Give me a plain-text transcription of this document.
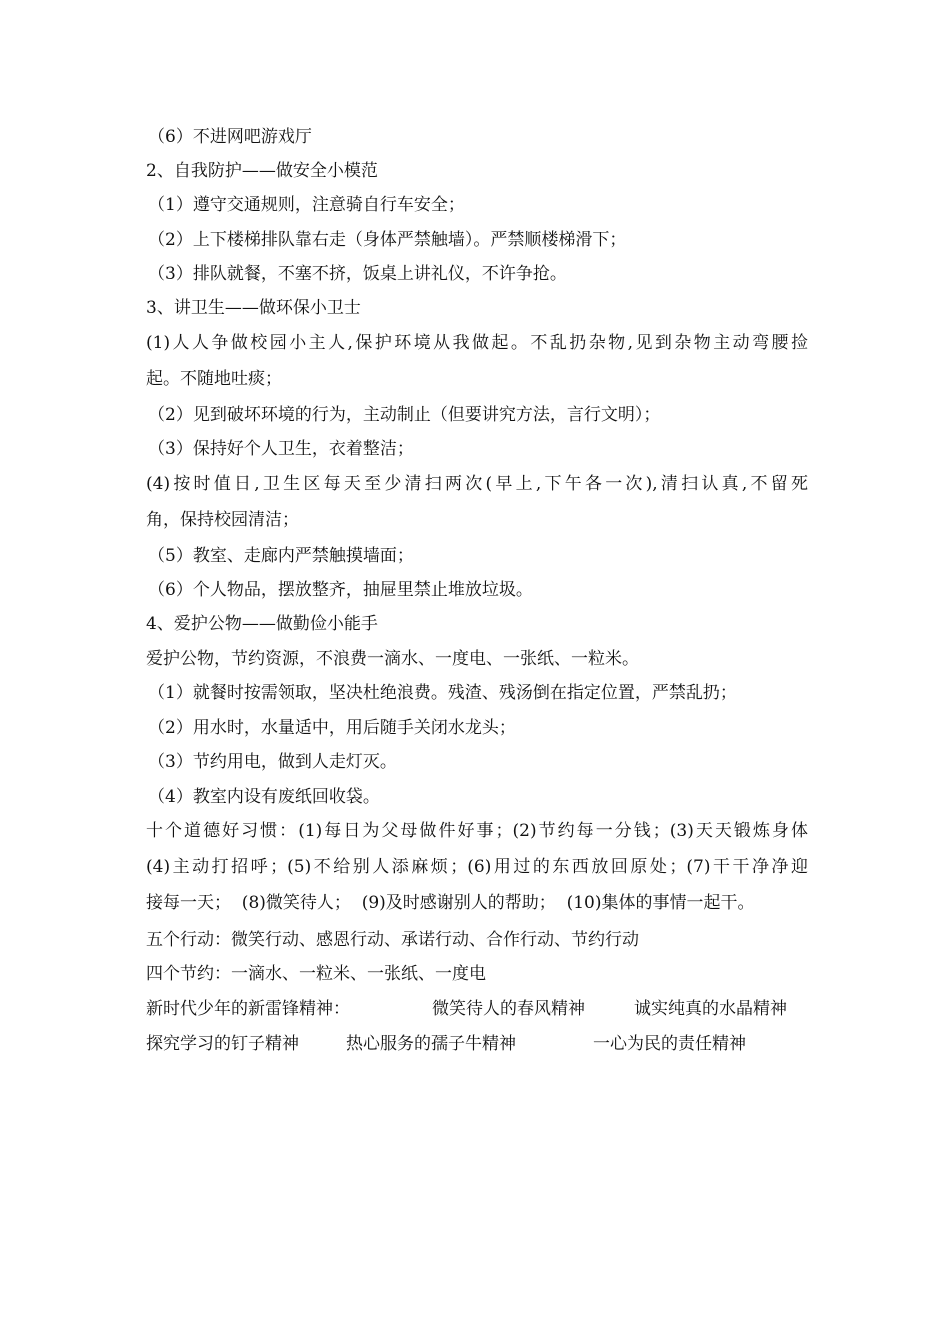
（6）不进网吧游戏厅
2、自我防护——做安全小模范
（1）遵守交通规则，注意骑自行车安全；
（2）上下楼梯排队靠右走（身体严禁触墙）。严禁顺楼梯滑下；
（3）排队就餐，不塞不挤，饭桌上讲礼仪，不许争抢。
3、讲卫生——做环保小卫士
(1)人人争做校园小主人,保护环境从我做起。不乱扔杂物,见到杂物主动弯腰捡
起。不随地吐痰；
（2）见到破坏环境的行为，主动制止（但要讲究方法，言行文明）；
（3）保持好个人卫生，衣着整洁；
(4)按时值日,卫生区每天至少清扫两次(早上,下午各一次),清扫认真,不留死
角，保持校园清洁；
（5）教室、走廊内严禁触摸墙面；
（6）个人物品，摆放整齐，抽屉里禁止堆放垃圾。
4、爱护公物——做勤俭小能手
爱护公物，节约资源，不浪费一滴水、一度电、一张纸、一粒米。
（1）就餐时按需领取，坚决杜绝浪费。残渣、残汤倒在指定位置，严禁乱扔；
（2）用水时，水量适中，用后随手关闭水龙头；
（3）节约用电，做到人走灯灭。
（4）教室内设有废纸回收袋。
十个道德好习惯：(1)每日为父母做件好事；(2)节约每一分钱；(3)天天锻炼身体
(4)主动打招呼；(5)不给别人添麻烦；(6)用过的东西放回原处；(7)干干净净迎
接每一天；  (8)微笑待人；  (9)及时感谢别人的帮助；  (10)集体的事情一起干。
五个行动：微笑行动、感恩行动、承诺行动、合作行动、节约行动
四个节约：一滴水、一粒米、一张纸、一度电
新时代少年的新雷锋精神：	微笑待人的春风精神	诚实纯真的水晶精神
探究学习的钉子精神	热心服务的孺子牛精神	一心为民的责任精神
